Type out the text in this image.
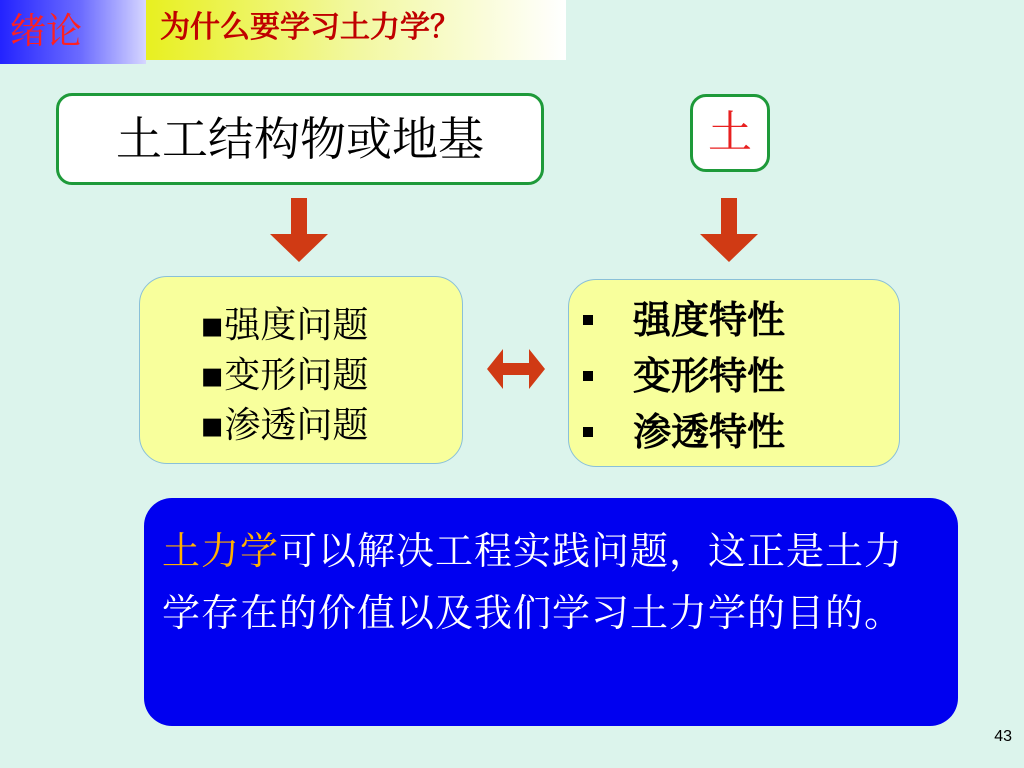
绪论	为什么要学习土力学？
土工结构物或地基	土
▪强度问题
▪变形问题
▪渗透问题
强度特性
变形特性
渗透特性
土力学可以解决工程实践问题，这正是土力学存在的价值以及我们学习土力学的目的。
43
